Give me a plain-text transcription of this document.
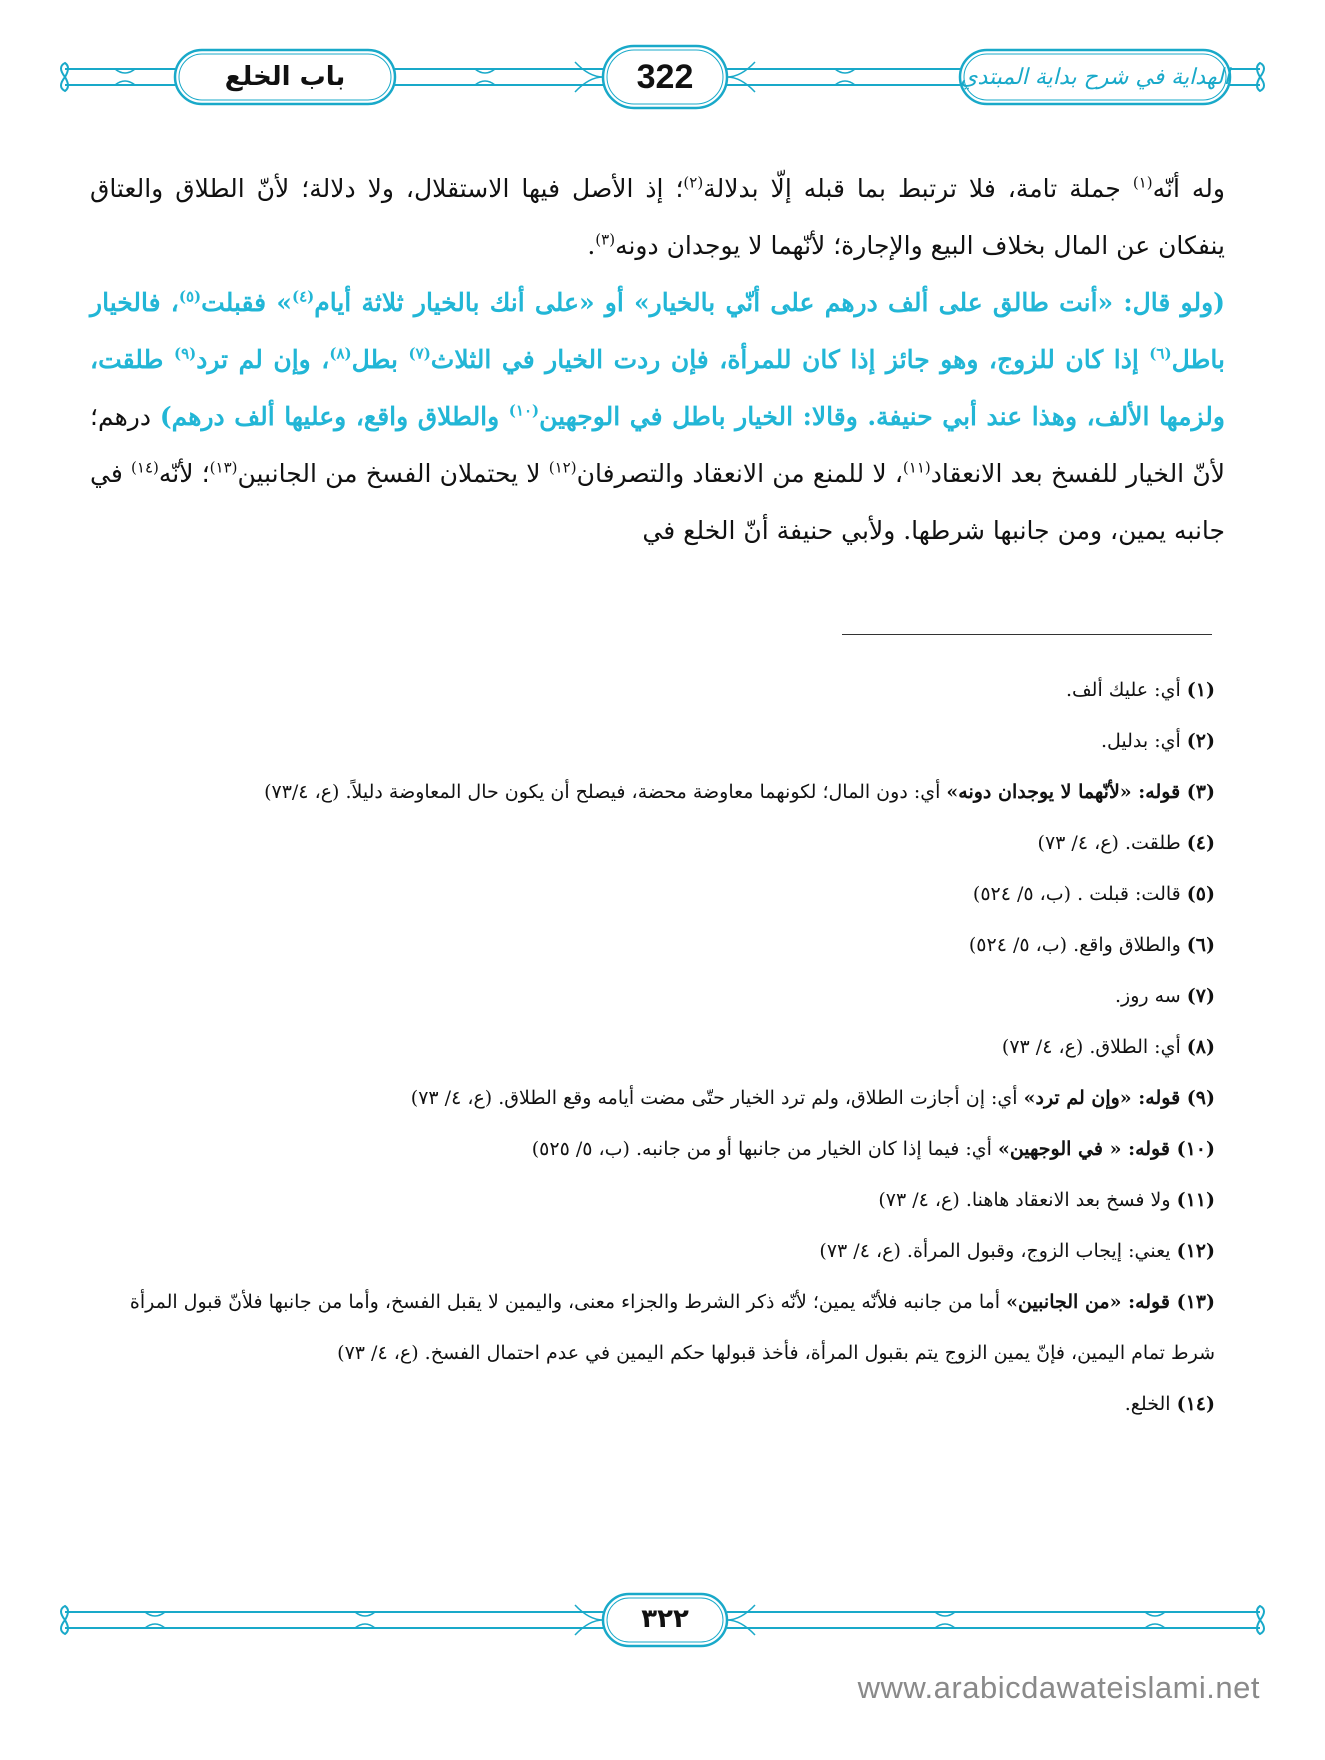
باب الخلع	322	الهداية في شرح بداية المبتدي

وله أنّه$^{(١)}$ جملة تامة، فلا ترتبط بما قبله إلّا بدلالة$^{(٢)}$؛ إذ الأصل فيها الاستقلال، ولا دلالة؛ لأنّ الطلاق والعتاق ينفكان عن المال بخلاف البيع والإجارة؛ لأنّهما لا يوجدان دونه$^{(٣)}$.

(ولو قال: «أنت طالق على ألف درهم على أنّي بالخيار» أو «على أنك بالخيار ثلاثة أيام$^{(٤)}$» فقبلت$^{(٥)}$، فالخيار باطل$^{(٦)}$ إذا كان للزوج، وهو جائز إذا كان للمرأة، فإن ردت الخيار في الثلاث$^{(٧)}$ بطل$^{(٨)}$، وإن لم ترد$^{(٩)}$ طلقت، ولزمها الألف، وهذا عند أبي حنيفة. وقالا: الخيار باطل في الوجهين$^{(١٠)}$ والطلاق واقع، وعليها ألف درهم) درهم؛ لأنّ الخيار للفسخ بعد الانعقاد$^{(١١)}$، لا للمنع من الانعقاد والتصرفان$^{(١٢)}$ لا يحتملان الفسخ من الجانبين$^{(١٣)}$؛ لأنّه$^{(١٤)}$ في جانبه يمين، ومن جانبها شرطها. ولأبي حنيفة أنّ الخلع في

(١) أي: عليك ألف.

(٢) أي: بدليل.

(٣) قوله: «لأنّهما لا يوجدان دونه» أي: دون المال؛ لكونهما معاوضة محضة، فيصلح أن يكون حال المعاوضة دليلاً. (ع، ٧٣/٤)

(٤) طلقت. (ع، ٤/ ٧٣)

(٥) قالت: قبلت . (ب، ٥/ ٥٢٤)

(٦) والطلاق واقع. (ب، ٥/ ٥٢٤)

(٧) سه روز.

(٨) أي: الطلاق. (ع، ٤/ ٧٣)

(٩) قوله: «وإن لم ترد» أي: إن أجازت الطلاق، ولم ترد الخيار حتّى مضت أيامه وقع الطلاق. (ع، ٤/ ٧٣)

(١٠) قوله: « في الوجهين» أي: فيما إذا كان الخيار من جانبها أو من جانبه. (ب، ٥/ ٥٢٥)

(١١) ولا فسخ بعد الانعقاد هاهنا. (ع، ٤/ ٧٣)

(١٢) يعني: إيجاب الزوج، وقبول المرأة. (ع، ٤/ ٧٣)

(١٣) قوله: «من الجانبين» أما من جانبه فلأنّه يمين؛ لأنّه ذكر الشرط والجزاء معنى، واليمين لا يقبل الفسخ، وأما من جانبها فلأنّ قبول المرأة شرط تمام اليمين، فإنّ يمين الزوج يتم بقبول المرأة، فأخذ قبولها حكم اليمين في عدم احتمال الفسخ. (ع، ٤/ ٧٣)

(١٤) الخلع.

٣٢٢
www.arabicdawateislami.net
